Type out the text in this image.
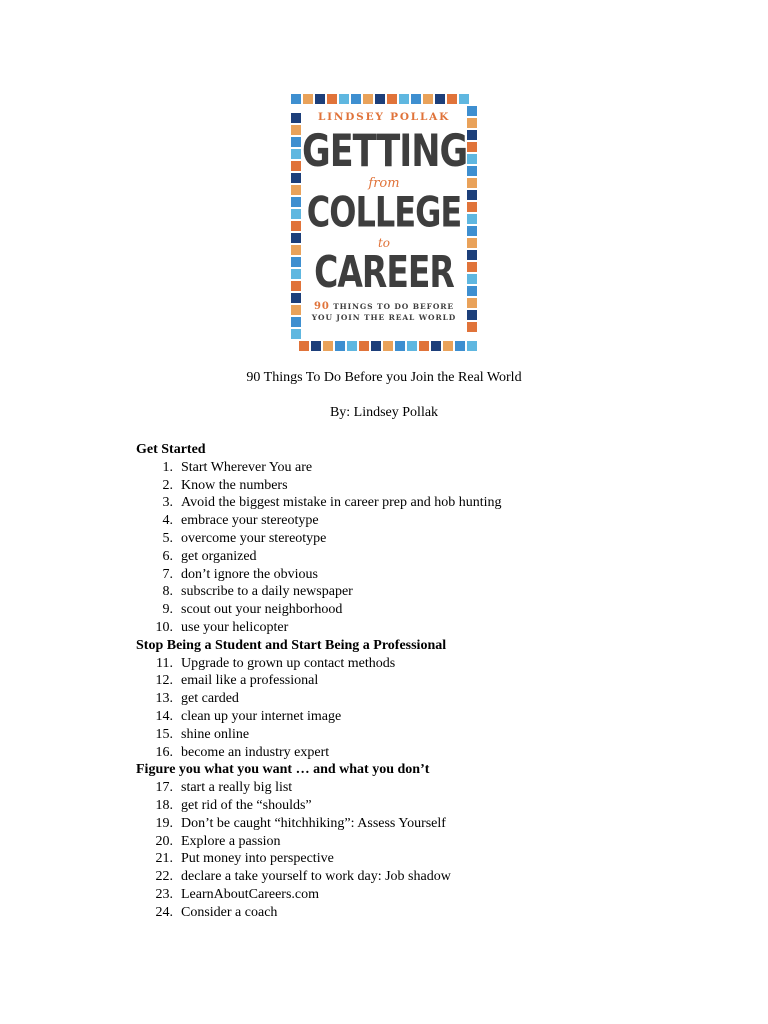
LINDSEY POLLAK
GETTING
from
COLLEGE
to
CAREER
90 THINGS TO DO BEFORE
YOU JOIN THE REAL WORLD
90 Things To Do Before you Join the Real World
By: Lindsey Pollak
Get Started
1. Start Wherever You are
2. Know the numbers
3. Avoid the biggest mistake in career prep and hob hunting
4. embrace your stereotype
5. overcome your stereotype
6. get organized
7. don’t ignore the obvious
8. subscribe to a daily newspaper
9. scout out your neighborhood
10. use your helicopter
Stop Being a Student and Start Being a Professional
11. Upgrade to grown up contact methods
12. email like a professional
13. get carded
14. clean up your internet image
15. shine online
16. become an industry expert
Figure you what you want … and what you don’t
17. start a really big list
18. get rid of the “shoulds”
19. Don’t be caught “hitchhiking”: Assess Yourself
20. Explore a passion
21. Put money into perspective
22. declare a take yourself to work day: Job shadow
23. LearnAboutCareers.com
24. Consider a coach
